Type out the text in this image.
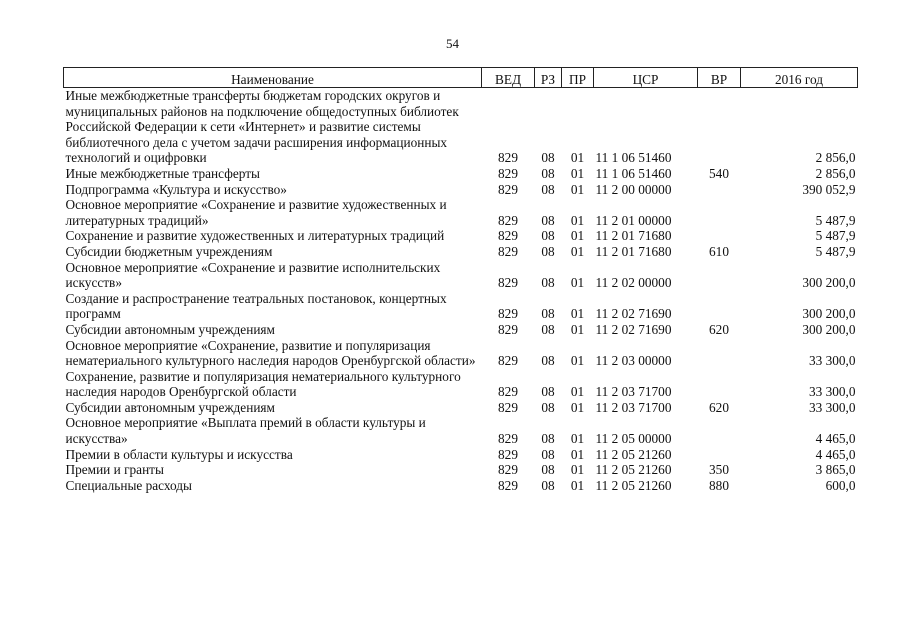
54
Наименование	ВЕД	РЗ	ПР	ЦСР	ВР	2016 год
Иные межбюджетные трансферты бюджетам городских округов и муниципальных районов на подключение общедоступных библиотек Российской Федерации к сети «Интернет» и развитие системы библиотечного дела с учетом задачи расширения информационных технологий и оцифровки	829	08	01	11 1 06 51460		2 856,0
Иные межбюджетные трансферты	829	08	01	11 1 06 51460	540	2 856,0
Подпрограмма «Культура и искусство»	829	08	01	11 2 00 00000		390 052,9
Основное мероприятие «Сохранение и развитие художественных и литературных традиций»	829	08	01	11 2 01 00000		5 487,9
Сохранение и развитие художественных и литературных традиций	829	08	01	11 2 01 71680		5 487,9
Субсидии бюджетным учреждениям	829	08	01	11 2 01 71680	610	5 487,9
Основное мероприятие «Сохранение и развитие исполнительских искусств»	829	08	01	11 2 02 00000		300 200,0
Создание и распространение театральных постановок, концертных программ	829	08	01	11 2 02 71690		300 200,0
Субсидии автономным учреждениям	829	08	01	11 2 02 71690	620	300 200,0
Основное мероприятие «Сохранение, развитие и популяризация нематериального культурного наследия народов Оренбургской области»	829	08	01	11 2 03 00000		33 300,0
Сохранение, развитие и популяризация нематериального культурного наследия народов Оренбургской области	829	08	01	11 2 03 71700		33 300,0
Субсидии автономным учреждениям	829	08	01	11 2 03 71700	620	33 300,0
Основное мероприятие «Выплата премий в области культуры и искусства»	829	08	01	11 2 05 00000		4 465,0
Премии в области культуры и искусства	829	08	01	11 2 05 21260		4 465,0
Премии и гранты	829	08	01	11 2 05 21260	350	3 865,0
Специальные расходы	829	08	01	11 2 05 21260	880	600,0
